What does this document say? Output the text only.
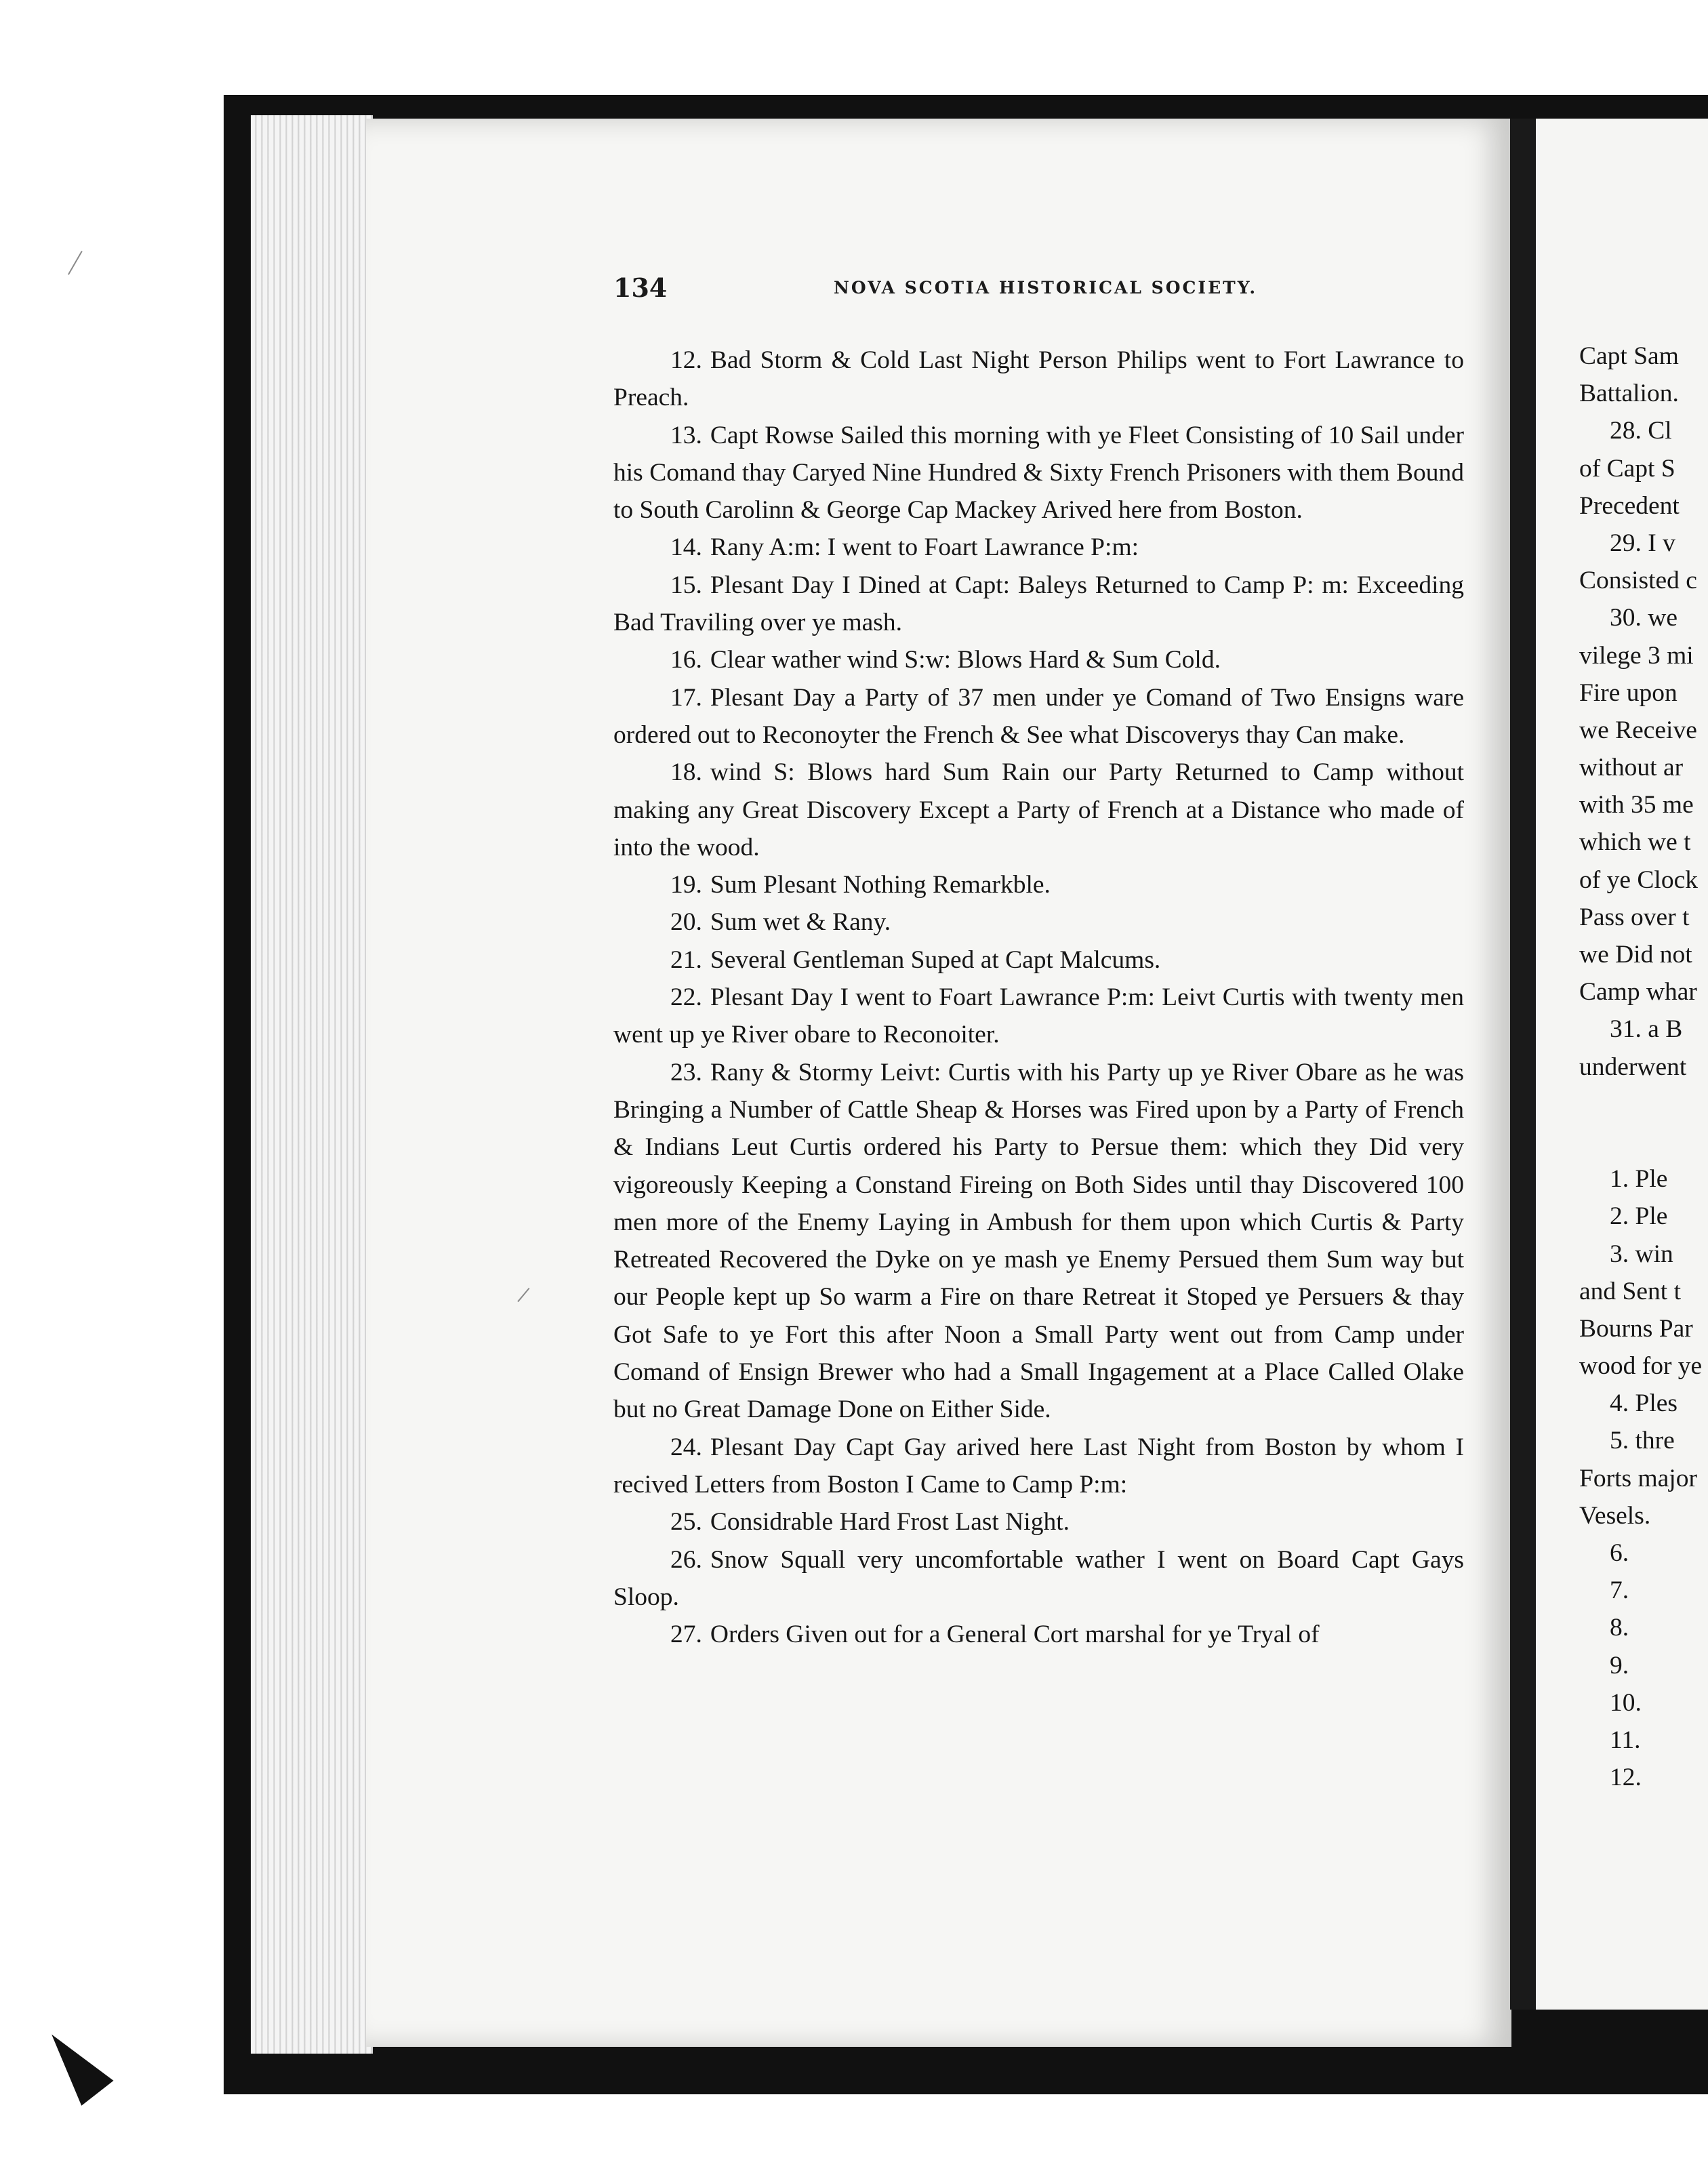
134	NOVA SCOTIA HISTORICAL SOCIETY.

12. Bad Storm & Cold Last Night Person Philips went to Fort Lawrance to Preach.

13. Capt Rowse Sailed this morning with ye Fleet Consisting of 10 Sail under his Comand thay Caryed Nine Hundred & Sixty French Prisoners with them Bound to South Carolinn & George Cap Mackey Arived here from Boston.

14. Rany A:m: I went to Foart Lawrance P:m:

15. Plesant Day I Dined at Capt: Baleys Returned to Camp P: m: Exceeding Bad Traviling over ye mash.

16. Clear wather wind S:w: Blows Hard & Sum Cold.

17. Plesant Day a Party of 37 men under ye Comand of Two Ensigns ware ordered out to Reconoyter the French & See what Discoverys thay Can make.

18. wind S: Blows hard Sum Rain our Party Returned to Camp without making any Great Discovery Except a Party of French at a Distance who made of into the wood.

19. Sum Plesant Nothing Remarkble.

20. Sum wet & Rany.

21. Several Gentleman Suped at Capt Malcums.

22. Plesant Day I went to Foart Lawrance P:m: Leivt Curtis with twenty men went up ye River obare to Reconoiter.

23. Rany & Stormy Leivt: Curtis with his Party up ye River Obare as he was Bringing a Number of Cattle Sheap & Horses was Fired upon by a Party of French & Indians Leut Curtis ordered his Party to Persue them: which they Did very vigoreously Keeping a Constand Fireing on Both Sides until thay Discovered 100 men more of the Enemy Laying in Ambush for them upon which Curtis & Party Retreated Recovered the Dyke on ye mash ye Enemy Persued them Sum way but our People kept up So warm a Fire on thare Retreat it Stoped ye Persuers & thay Got Safe to ye Fort this after Noon a Small Party went out from Camp under Comand of Ensign Brewer who had a Small Ingagement at a Place Called Olake but no Great Damage Done on Either Side.

24. Plesant Day Capt Gay arived here Last Night from Boston by whom I recived Letters from Boston I Came to Camp P:m:

25. Considrable Hard Frost Last Night.

26. Snow Squall very uncomfortable wather I went on Board Capt Gays Sloop.

27. Orders Given out for a General Cort marshal for ye Tryal of

Capt Sam
Battalion.
28. Cl
of Capt S
Precedent
29. I v
Consisted c
30. we
vilege 3 mi
Fire upon
we Receive
without ar
with 35 me
which we t
of ye Clock
Pass over t
we Did not
Camp whar
31. a B
underwent
1. Ple
2. Ple
3. win
and Sent t
Bourns Par
wood for ye
4. Ples
5. thre
Forts major
Vesels.
6.
7.
8.
9.
10.
11.
12.
